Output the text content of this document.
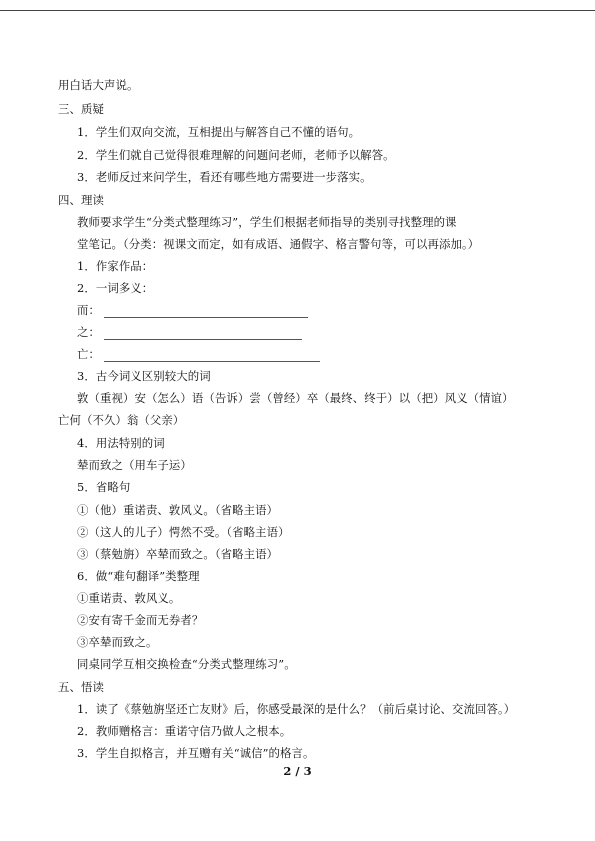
用白话大声说。
三、质疑
1．学生们双向交流，互相提出与解答自己不懂的语句。
2．学生们就自己觉得很难理解的问题问老师，老师予以解答。
3．老师反过来问学生，看还有哪些地方需要进一步落实。
四、理读
教师要求学生“分类式整理练习”，学生们根据老师指导的类别寻找整理的课
堂笔记。（分类：视课文而定，如有成语、通假字、格言警句等，可以再添加。）
1．作家作品：
2．一词多义：
而：
之：
亡：
3．古今词义区别较大的词
敦（重视）安（怎么）语（告诉）尝（曾经）卒（最终、终于）以（把）风义（情谊）
亡何（不久）翁（父亲）
4．用法特别的词
辇而致之（用车子运）
5．省略句
①（他）重诺责、敦风义。（省略主语）
②（这人的儿子）愕然不受。（省略主语）
③（蔡勉旃）卒辇而致之。（省略主语）
6．做“难句翻译”类整理
①重诺责、敦风义。
②安有寄千金而无券者？
③卒辇而致之。
同桌同学互相交换检查“分类式整理练习”。
五、悟读
1．读了《蔡勉旃坚还亡友财》后，你感受最深的是什么？（前后桌讨论、交流回答。）
2．教师赠格言：重诺守信乃做人之根本。
3．学生自拟格言，并互赠有关“诚信”的格言。
2 / 3
